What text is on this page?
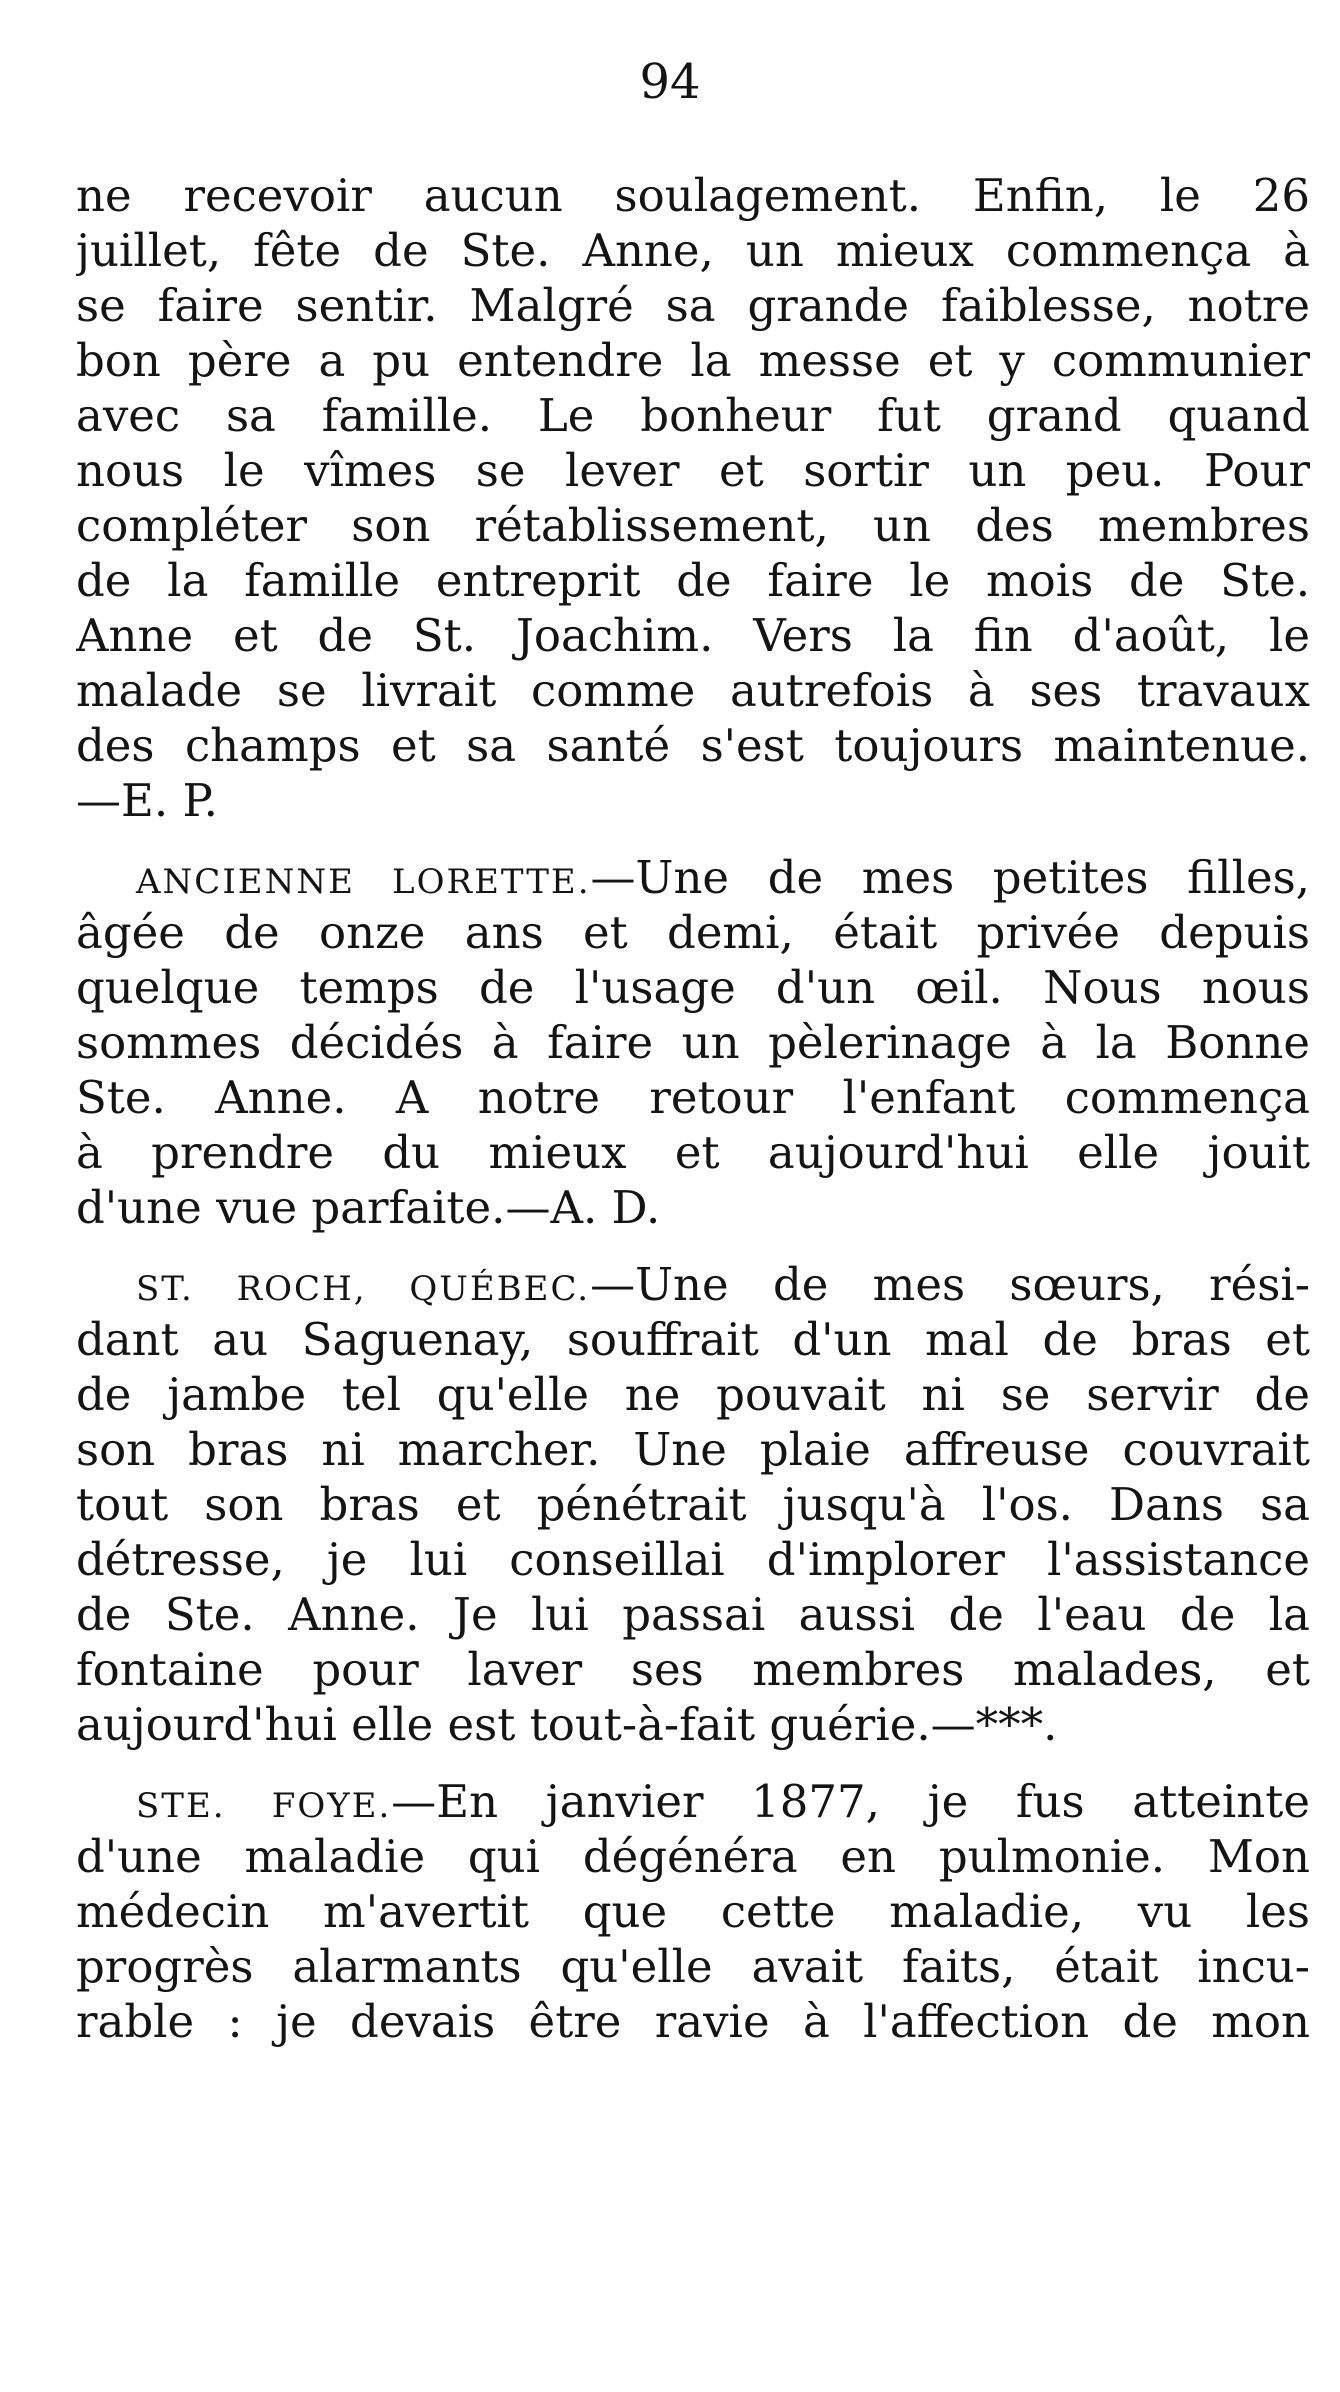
94
ne recevoir aucun soulagement. Enfin, le 26
juillet, fête de Ste. Anne, un mieux commença à
se faire sentir. Malgré sa grande faiblesse, notre
bon père a pu entendre la messe et y communier
avec sa famille. Le bonheur fut grand quand
nous le vîmes se lever et sortir un peu. Pour
compléter son rétablissement, un des membres
de la famille entreprit de faire le mois de Ste.
Anne et de St. Joachim. Vers la fin d'août, le
malade se livrait comme autrefois à ses travaux
des champs et sa santé s'est toujours maintenue.
—E. P.
ANCIENNE LORETTE.—Une de mes petites filles,
âgée de onze ans et demi, était privée depuis
quelque temps de l'usage d'un œil. Nous nous
sommes décidés à faire un pèlerinage à la Bonne
Ste. Anne. A notre retour l'enfant commença
à prendre du mieux et aujourd'hui elle jouit
d'une vue parfaite.—A. D.
ST. ROCH, QUÉBEC.—Une de mes sœurs, rési-
dant au Saguenay, souffrait d'un mal de bras et
de jambe tel qu'elle ne pouvait ni se servir de
son bras ni marcher. Une plaie affreuse couvrait
tout son bras et pénétrait jusqu'à l'os. Dans sa
détresse, je lui conseillai d'implorer l'assistance
de Ste. Anne. Je lui passai aussi de l'eau de la
fontaine pour laver ses membres malades, et
aujourd'hui elle est tout-à-fait guérie.—***.
STE. FOYE.—En janvier 1877, je fus atteinte
d'une maladie qui dégénéra en pulmonie. Mon
médecin m'avertit que cette maladie, vu les
progrès alarmants qu'elle avait faits, était incu-
rable : je devais être ravie à l'affection de mon
